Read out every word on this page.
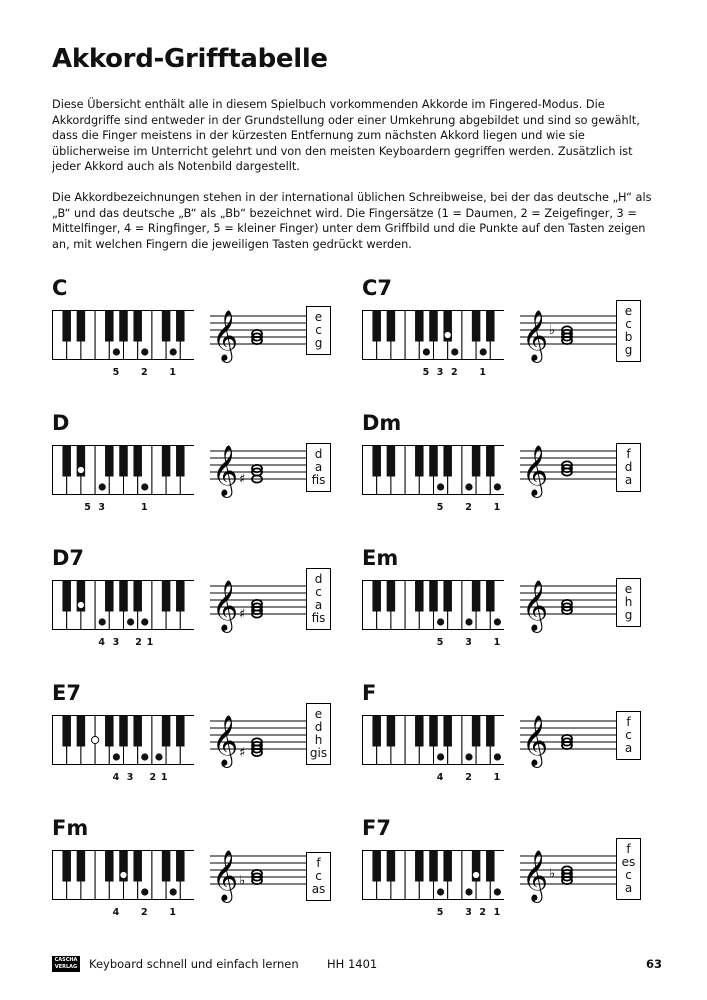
Akkord-Grifftabelle

Diese Übersicht enthält alle in diesem Spielbuch vorkommenden Akkorde im Fingered-Modus. Die Akkordgriffe sind entweder in der Grundstellung oder einer Umkehrung abgebildet und sind so gewählt, dass die Finger meistens in der kürzesten Entfernung zum nächsten Akkord liegen und wie sie üblicherweise im Unterricht gelehrt und von den meisten Keyboardern gegriffen werden. Zusätzlich ist jeder Akkord auch als Notenbild dargestellt.

Die Akkordbezeichnungen stehen in der international üblichen Schreibweise, bei der das deutsche „H“ als „B“ und das deutsche „B“ als „Bb“ bezeichnet wird. Die Fingersätze (1 = Daumen, 2 = Zeigefinger, 3 = Mittelfinger, 4 = Ringfinger, 5 = kleiner Finger) unter dem Griffbild und die Punkte auf den Tasten zeigen an, mit welchen Fingern die jeweiligen Tasten gedrückt werden.

C
5 2 1
𝄞	e
c
g
C7
5 3 2 1
𝄞 ♭
e
c
b
g
D
5 3	1
𝄞 ♯
d
a
fis
Dm
5 2 1
𝄞	f
d
a
D7
4 3 2 1
𝄞 ♯
d
c
a
fis
Em
5 3 1
𝄞	e
h
g
E7
4 3 2 1
𝄞 ♯
e
d
h
gis
F
4 2 1
𝄞	f
c
a
Fm
4 2 1
𝄞 ♭
f
c
as
F7
5 3 2 1
𝄞 ♭
f
es
c
a
CASCHA
VERLAG Keyboard schnell und einfach lernen HH 1401	63
